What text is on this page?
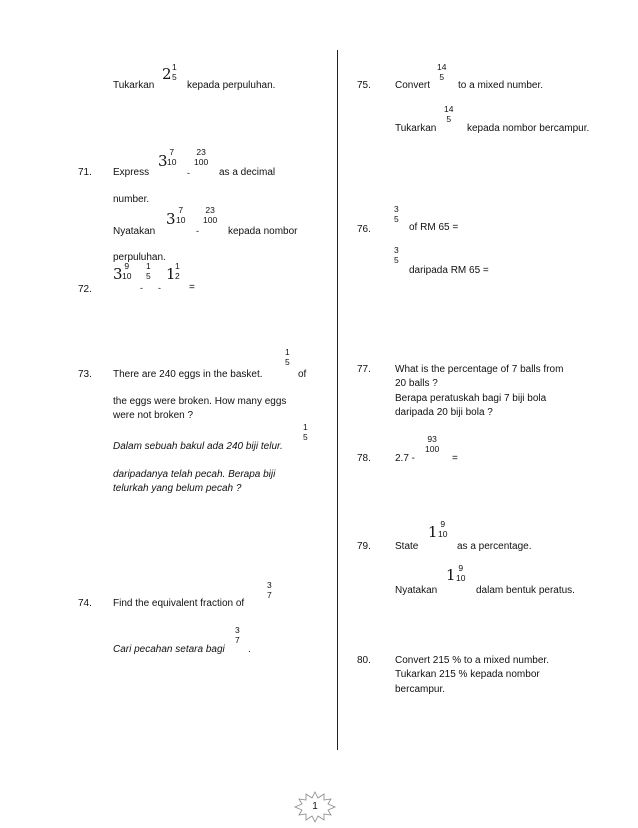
Tukarkan
2 1
5
kepada perpuluhan.
71. Express
3 7
10
-
23
100
as a decimal
number.
Nyatakan
3 7
10
-
23
100
kepada nombor
perpuluhan.
72.
3 9
10
-
1
5
-
1 1
2
=
73. There are 240 eggs in the basket.
1
5
of
the eggs were broken. How many eggs
were not broken ?
Dalam sebuah bakul ada 240 biji telur.
1
5
daripadanya telah pecah. Berapa biji
telurkah yang belum pecah ?
74. Find the equivalent fraction of
3
7
Cari pecahan setara bagi
3
7
.
75. Convert
14
5
to a mixed number.
Tukarkan
14
5
kepada nombor bercampur.
76.
3
5
of RM 65 =
3
5
daripada RM 65 =
77. What is the percentage of 7 balls from
20 balls ?
Berapa peratuskah bagi 7 biji bola
daripada 20 biji bola ?
78. 2.7 -
93
100
=
79. State
1 9
10
as a percentage.
Nyatakan
1 9
10
dalam bentuk peratus.
80. Convert 215 % to a mixed number.
Tukarkan 215 % kepada nombor
bercampur.
1
